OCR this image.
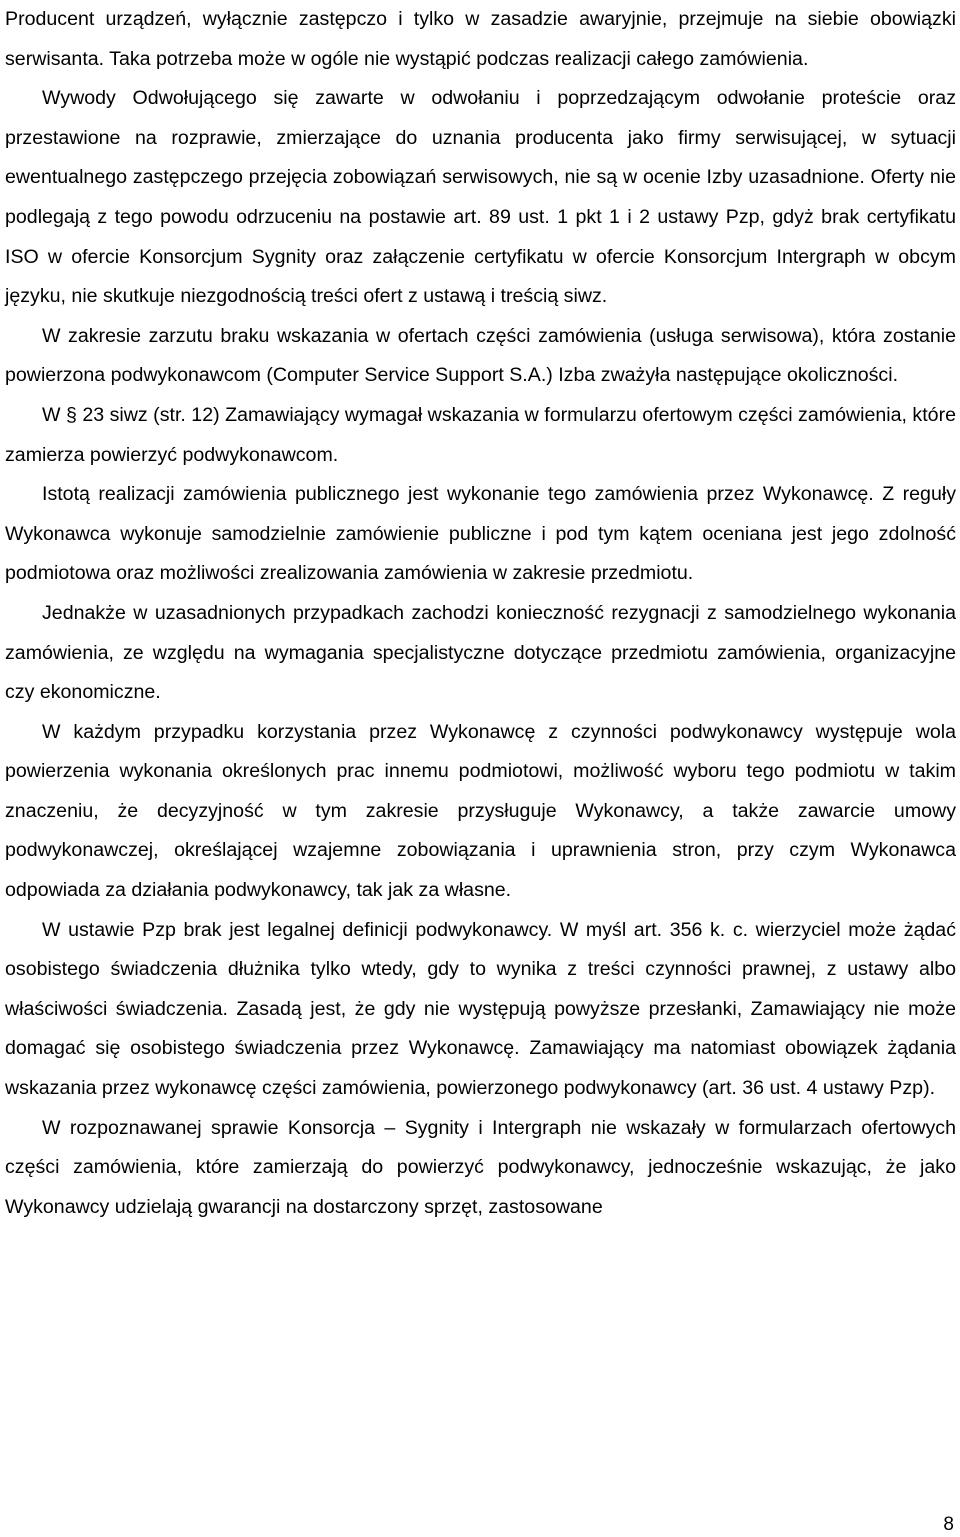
Producent urządzeń, wyłącznie zastępczo i tylko w zasadzie awaryjnie, przejmuje na siebie obowiązki serwisanta. Taka potrzeba może w ogóle nie wystąpić podczas realizacji całego zamówienia.

Wywody Odwołującego się zawarte w odwołaniu i poprzedzającym odwołanie proteście oraz przestawione na rozprawie, zmierzające do uznania producenta jako firmy serwisującej, w sytuacji ewentualnego zastępczego przejęcia zobowiązań serwisowych, nie są w ocenie Izby uzasadnione. Oferty nie podlegają z tego powodu odrzuceniu na postawie art. 89 ust. 1 pkt 1 i 2 ustawy Pzp, gdyż brak certyfikatu ISO w ofercie Konsorcjum Sygnity oraz załączenie certyfikatu w ofercie Konsorcjum Intergraph w obcym języku, nie skutkuje niezgodnością treści ofert z ustawą i treścią siwz.

W zakresie zarzutu braku wskazania w ofertach części zamówienia (usługa serwisowa), która zostanie powierzona podwykonawcom (Computer Service Support S.A.) Izba zważyła następujące okoliczności.

W § 23 siwz (str. 12) Zamawiający wymagał wskazania w formularzu ofertowym części zamówienia, które zamierza powierzyć podwykonawcom.

Istotą realizacji zamówienia publicznego jest wykonanie tego zamówienia przez Wykonawcę. Z reguły Wykonawca wykonuje samodzielnie zamówienie publiczne i pod tym kątem oceniana jest jego zdolność podmiotowa oraz możliwości zrealizowania zamówienia w zakresie przedmiotu.

Jednakże w uzasadnionych przypadkach zachodzi konieczność rezygnacji z samodzielnego wykonania zamówienia, ze względu na wymagania specjalistyczne dotyczące przedmiotu zamówienia, organizacyjne czy ekonomiczne.

W każdym przypadku korzystania przez Wykonawcę z czynności podwykonawcy występuje wola powierzenia wykonania określonych prac innemu podmiotowi, możliwość wyboru tego podmiotu w takim znaczeniu, że decyzyjność w tym zakresie przysługuje Wykonawcy, a także zawarcie umowy podwykonawczej, określającej wzajemne zobowiązania i uprawnienia stron, przy czym Wykonawca odpowiada za działania podwykonawcy, tak jak za własne.

W ustawie Pzp brak jest legalnej definicji podwykonawcy. W myśl art. 356 k. c. wierzyciel może żądać osobistego świadczenia dłużnika tylko wtedy, gdy to wynika z treści czynności prawnej, z ustawy albo właściwości świadczenia. Zasadą jest, że gdy nie występują powyższe przesłanki, Zamawiający nie może domagać się osobistego świadczenia przez Wykonawcę. Zamawiający ma natomiast obowiązek żądania wskazania przez wykonawcę części zamówienia, powierzonego podwykonawcy (art. 36 ust. 4 ustawy Pzp).

W rozpoznawanej sprawie Konsorcja – Sygnity i Intergraph nie wskazały w formularzach ofertowych części zamówienia, które zamierzają do powierzyć podwykonawcy, jednocześnie wskazując, że jako Wykonawcy udzielają gwarancji na dostarczony sprzęt, zastosowane

8
